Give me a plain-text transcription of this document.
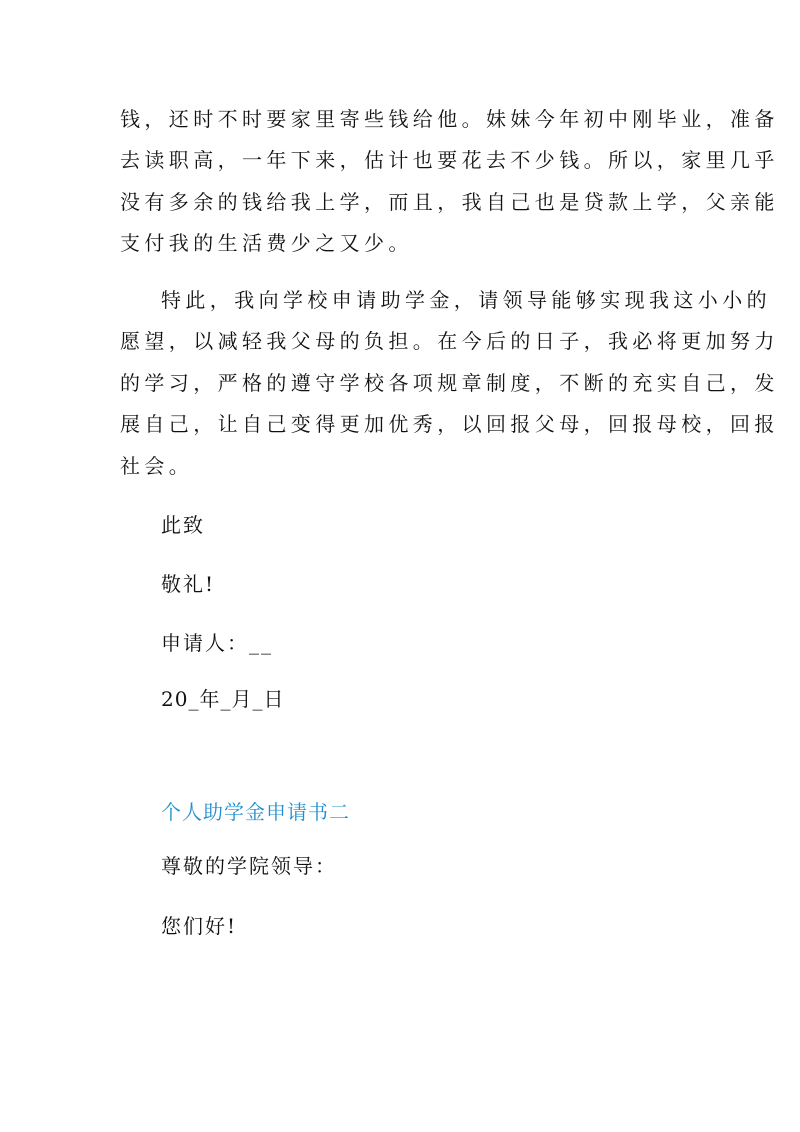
钱，还时不时要家里寄些钱给他。妹妹今年初中刚毕业，准备
去读职高，一年下来，估计也要花去不少钱。所以，家里几乎
没有多余的钱给我上学，而且，我自己也是贷款上学，父亲能
支付我的生活费少之又少。
特此，我向学校申请助学金，请领导能够实现我这小小的
愿望，以减轻我父母的负担。在今后的日子，我必将更加努力
的学习，严格的遵守学校各项规章制度，不断的充实自己，发
展自己，让自己变得更加优秀，以回报父母，回报母校，回报
社会。
此致
敬礼!
申请人：__
20_年_月_日
个人助学金申请书二
尊敬的学院领导：
您们好!
